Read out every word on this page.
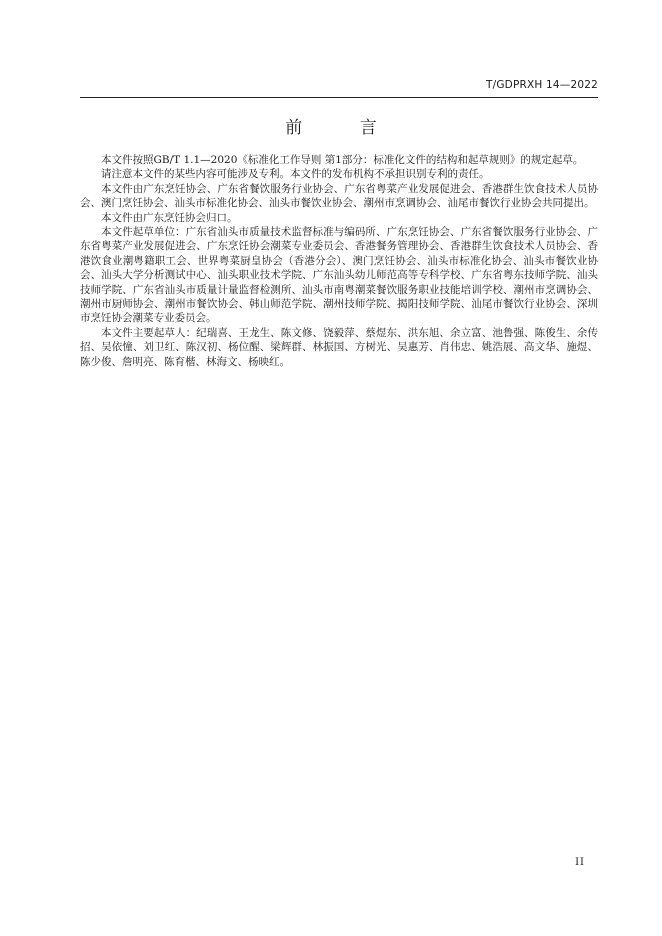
T/GDPRXH 14—2022
前 言

本文件按照GB/T 1.1—2020《标准化工作导则 第1部分：标准化文件的结构和起草规则》的规定起草。

请注意本文件的某些内容可能涉及专利。本文件的发布机构不承担识别专利的责任。

本文件由广东烹饪协会、广东省餐饮服务行业协会、广东省粤菜产业发展促进会、香港群生饮食技术人员协会、澳门烹饪协会、汕头市标准化协会、汕头市餐饮业协会、潮州市烹调协会、汕尾市餐饮行业协会共同提出。

本文件由广东烹饪协会归口。

本文件起草单位：广东省汕头市质量技术监督标准与编码所、广东烹饪协会、广东省餐饮服务行业协会、广东省粤菜产业发展促进会、广东烹饪协会潮菜专业委员会、香港餐务管理协会、香港群生饮食技术人员协会、香港饮食业潮粤籍职工会、世界粤菜厨皇协会（香港分会）、澳门烹饪协会、汕头市标准化协会、汕头市餐饮业协会、汕头大学分析测试中心、汕头职业技术学院、广东汕头幼儿师范高等专科学校、广东省粤东技师学院、汕头技师学院、广东省汕头市质量计量监督检测所、汕头市南粤潮菜餐饮服务职业技能培训学校、潮州市烹调协会、潮州市厨师协会、潮州市餐饮协会、韩山师范学院、潮州技师学院、揭阳技师学院、汕尾市餐饮行业协会、深圳市烹饪协会潮菜专业委员会。

本文件主要起草人：纪瑞喜、王龙生、陈文修、饶毅萍、蔡煜东、洪东旭、余立富、池鲁强、陈俊生、余传招、吴依憧、刘卫红、陈汉初、杨位醒、梁辉群、林振国、方树光、吴惠芳、肖伟忠、姚浩展、高文华、施煜、陈少俊、詹明亮、陈育楷、林海文、杨映红。

II
